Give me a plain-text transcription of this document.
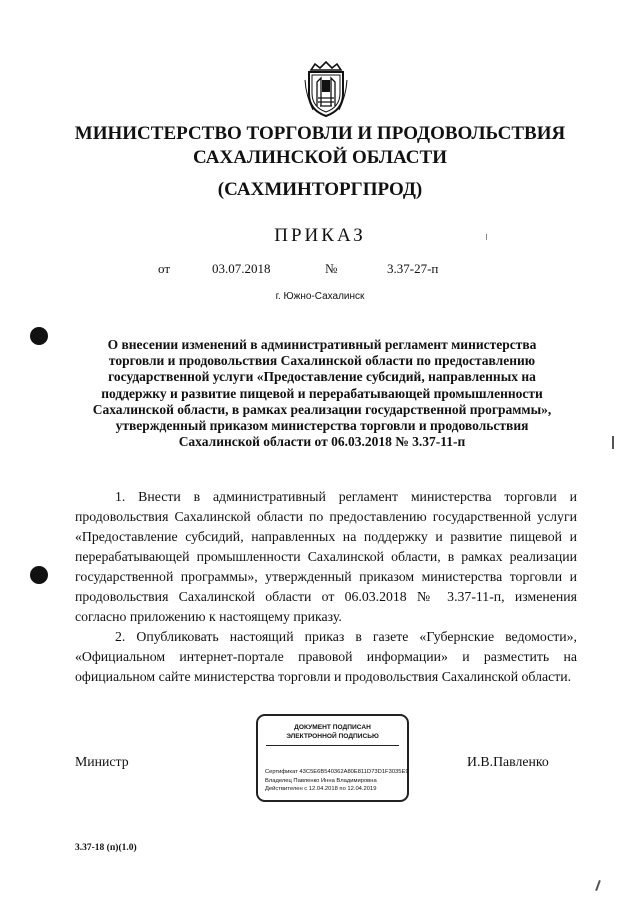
МИНИСТЕРСТВО ТОРГОВЛИ И ПРОДОВОЛЬСТВИЯ
САХАЛИНСКОЙ ОБЛАСТИ
(САХМИНТОРГПРОД)
ПРИКАЗ
от	03.07.2018	№	3.37-27-п
г. Южно-Сахалинск
О внесении изменений в административный регламент министерства
торговли и продовольствия Сахалинской области по предоставлению
государственной услуги «Предоставление субсидий, направленных на
поддержку и развитие пищевой и перерабатывающей промышленности
Сахалинской области, в рамках реализации государственной программы»,
утвержденный приказом министерства торговли и продовольствия
Сахалинской области от 06.03.2018 № 3.37-11-п

1. Внести в административный регламент министерства торговли и продовольствия Сахалинской области по предоставлению государственной услуги «Предоставление субсидий, направленных на поддержку и развитие пищевой и перерабатывающей промышленности Сахалинской области, в рамках реализации государственной программы», утвержденный приказом министерства торговли и продовольствия Сахалинской области от 06.03.2018 № 3.37-11-п, изменения согласно приложению к настоящему приказу.

2. Опубликовать настоящий приказ в газете «Губернские ведомости», «Официальном интернет-портале правовой информации» и разместить на официальном сайте министерства торговли и продовольствия Сахалинской области.

Министр	И.В.Павленко
ДОКУМЕНТ ПОДПИСАН
ЭЛЕКТРОННОЙ ПОДПИСЬЮ
Сертификат 43C5E6B540362A80E811D73D1F3035E9
Владелец Павленко Инна Владимировна
Действителен с 12.04.2018 по 12.04.2019
3.37-18 (п)(1.0)
